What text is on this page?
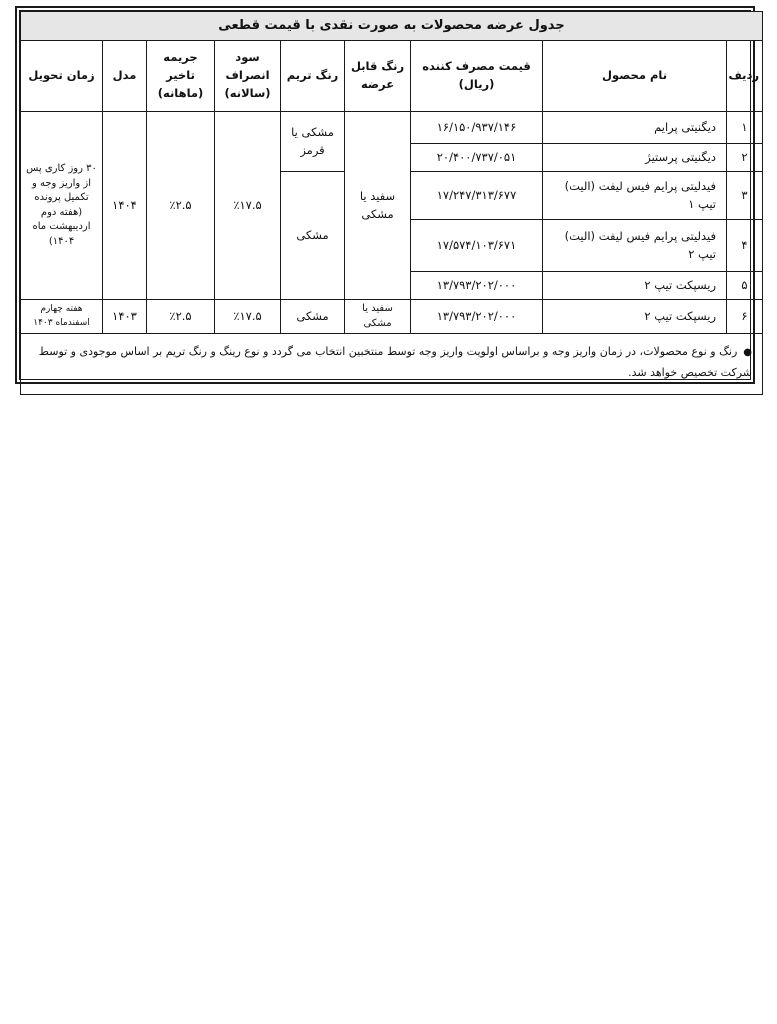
جدول عرضه محصولات به صورت نقدی با قیمت قطعی								
ردیف	نام محصول	قیمت مصرف کننده (ریال)	رنگ قابل عرضه	رنگ تریم	سود انصراف (سالانه)	جریمه تاخیر (ماهانه)	مدل	زمان تحویل
۱	دیگنیتی پرایم	۱۶/۱۵۰/۹۳۷/۱۴۶	سفید یا مشکی	مشکی یا قرمز	٪۱۷.۵	٪۲.۵	۱۴۰۴	۳۰ روز کاری پس از واریز وجه و تکمیل پرونده (هفته دوم اردیبهشت ماه ۱۴۰۴)
۲	دیگنیتی پرستیژ	۲۰/۴۰۰/۷۳۷/۰۵۱						
۳	فیدلیتی پرایم فیس لیفت (الیت) تیپ ۱	۱۷/۲۴۷/۳۱۳/۶۷۷		مشکی				
۴	فیدلیتی پرایم فیس لیفت (الیت) تیپ ۲	۱۷/۵۷۴/۱۰۳/۶۷۱						
۵	ریسپکت تیپ ۲	۱۳/۷۹۳/۲۰۲/۰۰۰						
۶	ریسپکت تیپ ۲	۱۳/۷۹۳/۲۰۲/۰۰۰	سفید یا مشکی	مشکی	٪۱۷.۵	٪۲.۵	۱۴۰۳	هفته چهارم اسفندماه ۱۴۰۳
●رنگ و نوع محصولات، در زمان واریز وجه و براساس اولویت واریز وجه توسط منتخبین انتخاب می گردد و نوع رینگ و رنگ تریم بر اساس موجودی و توسط شرکت تخصیص خواهد شد.								
